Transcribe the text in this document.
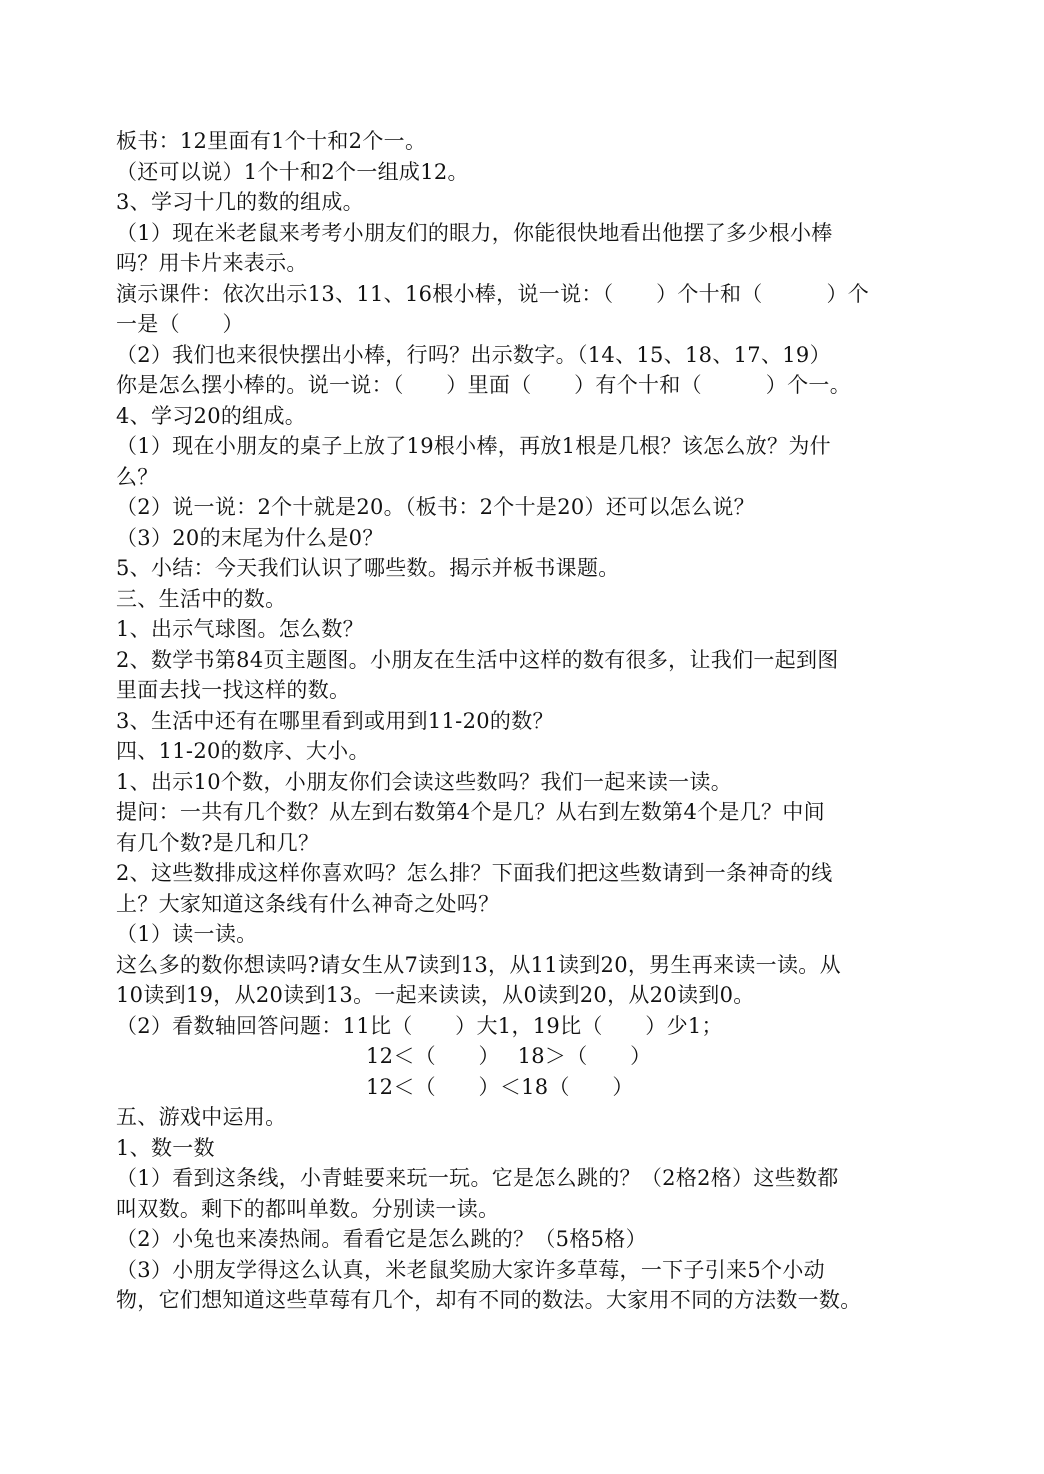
板书：12里面有1个十和2个一。
（还可以说）1个十和2个一组成12。
3、学习十几的数的组成。
（1）现在米老鼠来考考小朋友们的眼力，你能很快地看出他摆了多少根小棒
吗？用卡片来表示。
演示课件：依次出示13、11、16根小棒，说一说：（　　）个十和（　　　）个
一是（　　）
（2）我们也来很快摆出小棒，行吗？出示数字。（14、15、18、17、19）
你是怎么摆小棒的。说一说：（　　）里面（　　）有个十和（　　　）个一。
4、学习20的组成。
（1）现在小朋友的桌子上放了19根小棒，再放1根是几根？该怎么放？为什
么？
（2）说一说：2个十就是20。（板书：2个十是20）还可以怎么说？
（3）20的末尾为什么是0？
5、小结：今天我们认识了哪些数。揭示并板书课题。
三、生活中的数。
1、出示气球图。怎么数？
2、数学书第84页主题图。小朋友在生活中这样的数有很多，让我们一起到图
里面去找一找这样的数。
3、生活中还有在哪里看到或用到11-20的数？
四、11-20的数序、大小。
1、出示10个数，小朋友你们会读这些数吗？我们一起来读一读。
提问：一共有几个数？从左到右数第4个是几？从右到左数第4个是几？中间
有几个数?是几和几？
2、这些数排成这样你喜欢吗？怎么排？下面我们把这些数请到一条神奇的线
上？大家知道这条线有什么神奇之处吗？
（1）读一读。
这么多的数你想读吗?请女生从7读到13，从11读到20，男生再来读一读。从
10读到19，从20读到13。一起来读读，从0读到20，从20读到0。
（2）看数轴回答问题：11比（　　）大1，19比（　　）少1；
12＜（　　）　 18＞（　　）
12＜（　　）＜18（　　）
五、游戏中运用。
1、数一数
（1）看到这条线，小青蛙要来玩一玩。它是怎么跳的？（2格2格）这些数都
叫双数。剩下的都叫单数。分别读一读。
（2）小兔也来凑热闹。看看它是怎么跳的？（5格5格）
（3）小朋友学得这么认真，米老鼠奖励大家许多草莓，一下子引来5个小动
物，它们想知道这些草莓有几个，却有不同的数法。大家用不同的方法数一数。
